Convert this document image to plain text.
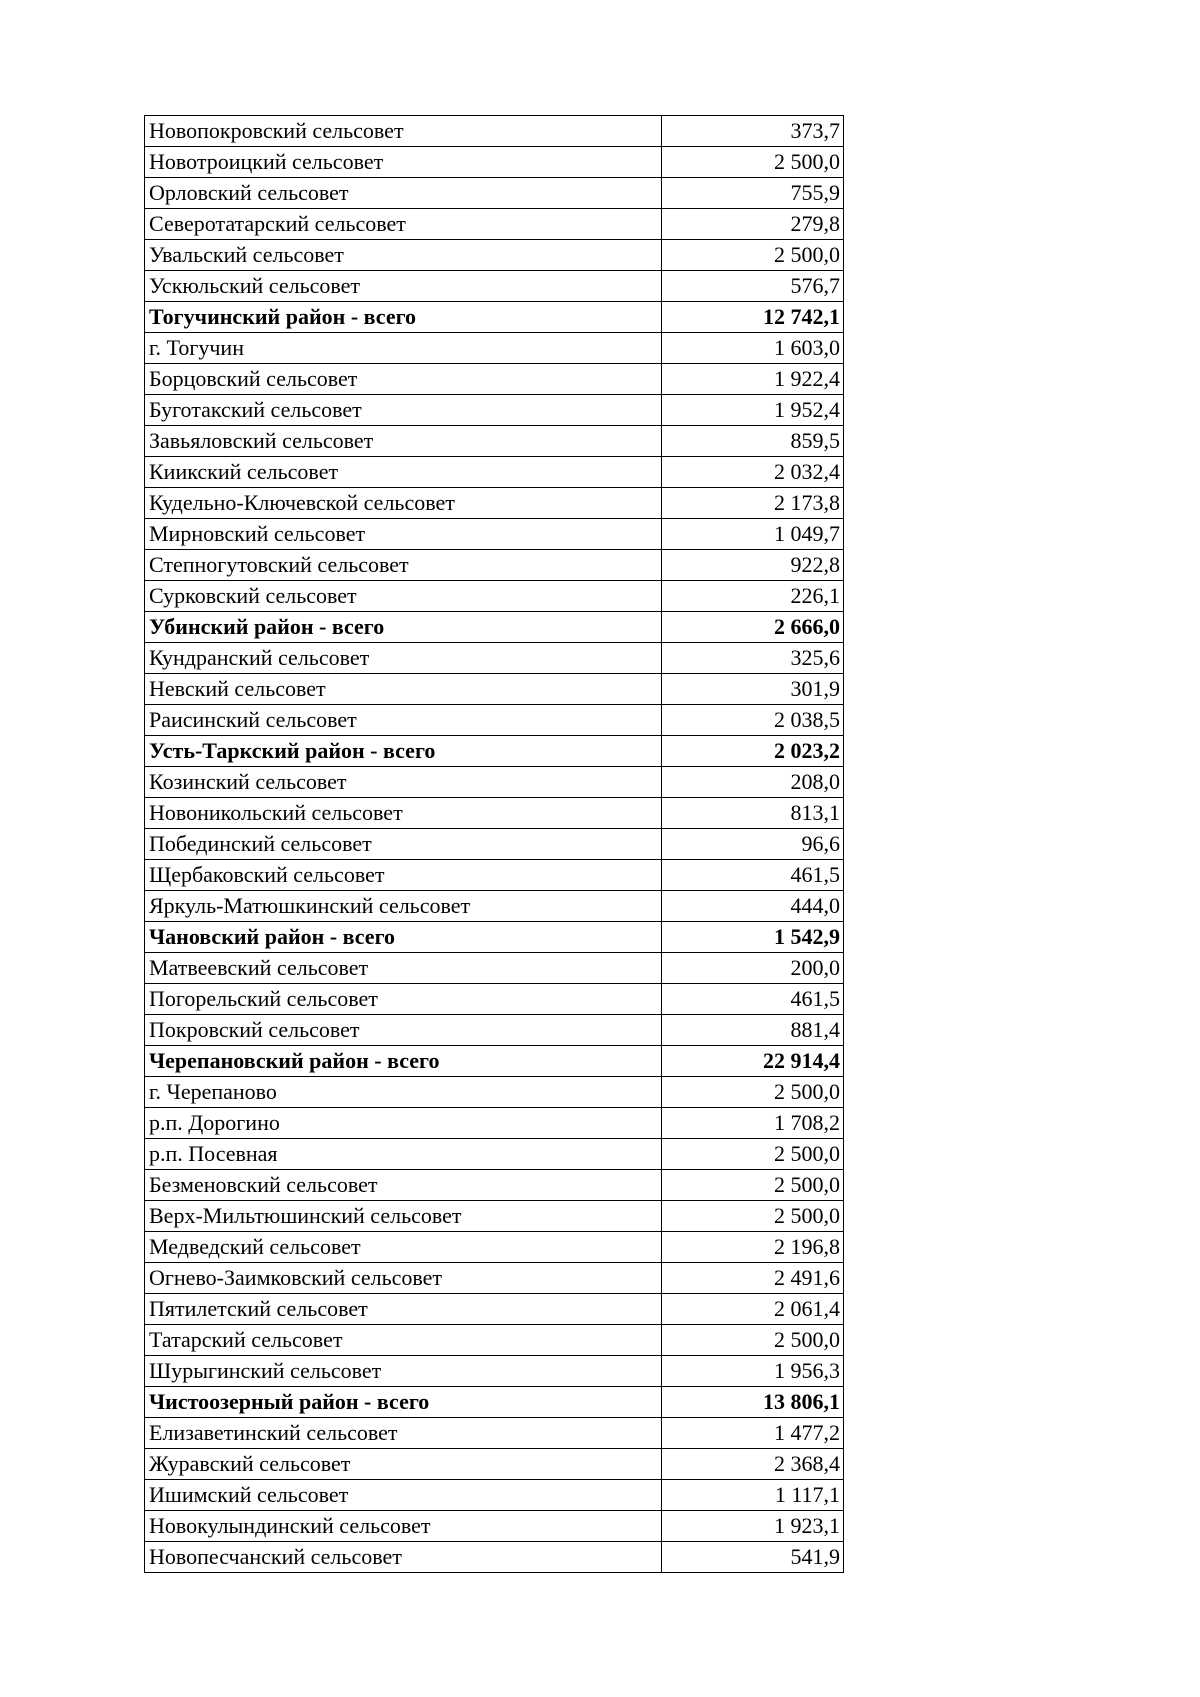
Новопокровский сельсовет	373,7
Новотроицкий сельсовет	2 500,0
Орловский сельсовет	755,9
Северотатарский сельсовет	279,8
Увальский сельсовет	2 500,0
Ускюльский сельсовет	576,7
Тогучинский район - всего	12 742,1
г. Тогучин	1 603,0
Борцовский сельсовет	1 922,4
Буготакский сельсовет	1 952,4
Завьяловский сельсовет	859,5
Киикский сельсовет	2 032,4
Кудельно-Ключевской сельсовет	2 173,8
Мирновский сельсовет	1 049,7
Степногутовский сельсовет	922,8
Сурковский сельсовет	226,1
Убинский район - всего	2 666,0
Кундранский сельсовет	325,6
Невский сельсовет	301,9
Раисинский сельсовет	2 038,5
Усть-Таркский район - всего	2 023,2
Козинский сельсовет	208,0
Новоникольский сельсовет	813,1
Побединский сельсовет	96,6
Щербаковский сельсовет	461,5
Яркуль-Матюшкинский сельсовет	444,0
Чановский район - всего	1 542,9
Матвеевский сельсовет	200,0
Погорельский сельсовет	461,5
Покровский сельсовет	881,4
Черепановский район - всего	22 914,4
г. Черепаново	2 500,0
р.п. Дорогино	1 708,2
р.п. Посевная	2 500,0
Безменовский сельсовет	2 500,0
Верх-Мильтюшинский сельсовет	2 500,0
Медведский сельсовет	2 196,8
Огнево-Заимковский сельсовет	2 491,6
Пятилетский сельсовет	2 061,4
Татарский сельсовет	2 500,0
Шурыгинский сельсовет	1 956,3
Чистоозерный район - всего	13 806,1
Елизаветинский сельсовет	1 477,2
Журавский сельсовет	2 368,4
Ишимский сельсовет	1 117,1
Новокулындинский сельсовет	1 923,1
Новопесчанский сельсовет	541,9
